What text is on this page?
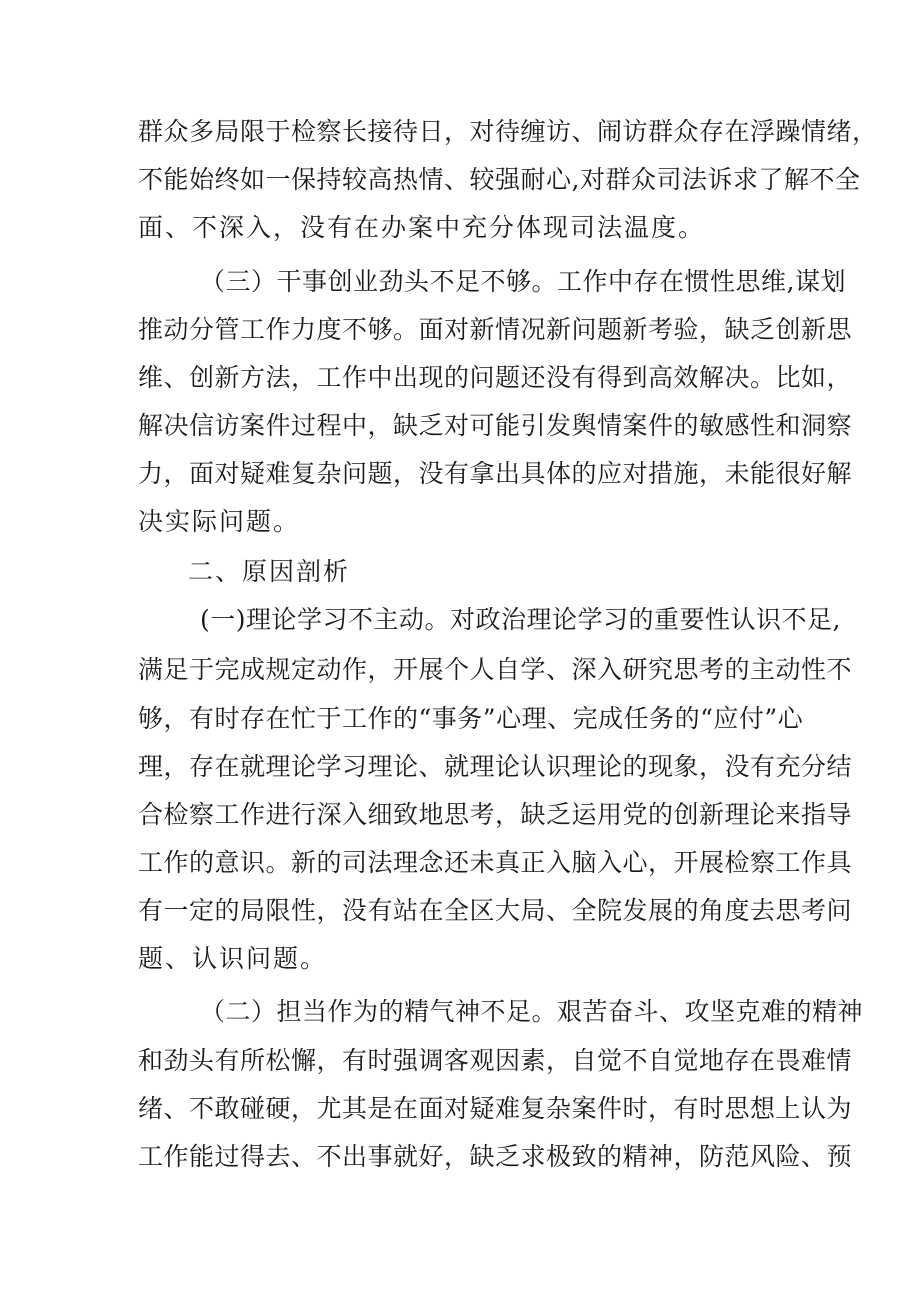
群众多局限于检察长接待日，对待缠访、闹访群众存在浮躁情绪，
不能始终如一保持较高热情、较强耐心,对群众司法诉求了解不全
面、不深入，没有在办案中充分体现司法温度。
（三）干事创业劲头不足不够。工作中存在惯性思维,谋划
推动分管工作力度不够。面对新情况新问题新考验，缺乏创新思
维、创新方法，工作中出现的问题还没有得到高效解决。比如，
解决信访案件过程中，缺乏对可能引发舆情案件的敏感性和洞察
力，面对疑难复杂问题，没有拿出具体的应对措施，未能很好解
决实际问题。
二、原因剖析
(一)理论学习不主动。对政治理论学习的重要性认识不足,
满足于完成规定动作，开展个人自学、深入研究思考的主动性不
够，有时存在忙于工作的“事务”心理、完成任务的“应付”心
理，存在就理论学习理论、就理论认识理论的现象，没有充分结
合检察工作进行深入细致地思考，缺乏运用党的创新理论来指导
工作的意识。新的司法理念还未真正入脑入心，开展检察工作具
有一定的局限性，没有站在全区大局、全院发展的角度去思考问
题、认识问题。
（二）担当作为的精气神不足。艰苦奋斗、攻坚克难的精神
和劲头有所松懈，有时强调客观因素，自觉不自觉地存在畏难情
绪、不敢碰硬，尤其是在面对疑难复杂案件时，有时思想上认为
工作能过得去、不出事就好，缺乏求极致的精神，防范风险、预
